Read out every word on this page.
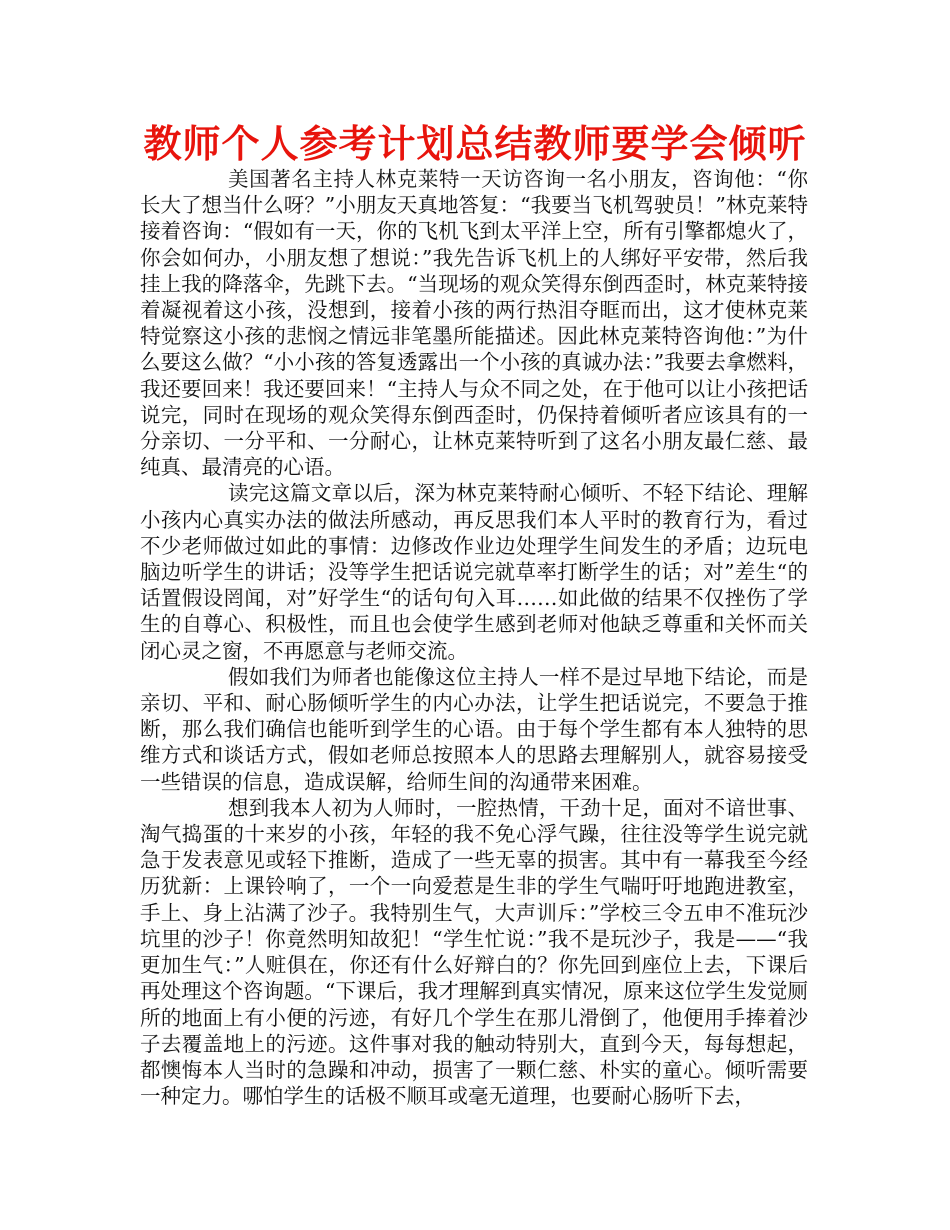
教师个人参考计划总结教师要学会倾听

美国著名主持人林克莱特一天访咨询一名小朋友，咨询他：“你长大了想当什么呀？”小朋友天真地答复：“我要当飞机驾驶员！”林克莱特接着咨询：“假如有一天，你的飞机飞到太平洋上空，所有引擎都熄火了，你会如何办，小朋友想了想说：”我先告诉飞机上的人绑好平安带，然后我挂上我的降落伞，先跳下去。“当现场的观众笑得东倒西歪时，林克莱特接着凝视着这小孩，没想到，接着小孩的两行热泪夺眶而出，这才使林克莱特觉察这小孩的悲悯之情远非笔墨所能描述。因此林克莱特咨询他：”为什么要这么做？“小小孩的答复透露出一个小孩的真诚办法：”我要去拿燃料，我还要回来！我还要回来！“主持人与众不同之处，在于他可以让小孩把话说完，同时在现场的观众笑得东倒西歪时，仍保持着倾听者应该具有的一分亲切、一分平和、一分耐心，让林克莱特听到了这名小朋友最仁慈、最纯真、最清亮的心语。

读完这篇文章以后，深为林克莱特耐心倾听、不轻下结论、理解小孩内心真实办法的做法所感动，再反思我们本人平时的教育行为，看过不少老师做过如此的事情：边修改作业边处理学生间发生的矛盾；边玩电脑边听学生的讲话；没等学生把话说完就草率打断学生的话；对”差生“的话置假设罔闻，对”好学生“的话句句入耳……如此做的结果不仅挫伤了学生的自尊心、积极性，而且也会使学生感到老师对他缺乏尊重和关怀而关闭心灵之窗，不再愿意与老师交流。

假如我们为师者也能像这位主持人一样不是过早地下结论，而是亲切、平和、耐心肠倾听学生的内心办法，让学生把话说完，不要急于推断，那么我们确信也能听到学生的心语。由于每个学生都有本人独特的思维方式和谈话方式，假如老师总按照本人的思路去理解别人，就容易接受一些错误的信息，造成误解，给师生间的沟通带来困难。

想到我本人初为人师时，一腔热情，干劲十足，面对不谙世事、淘气捣蛋的十来岁的小孩，年轻的我不免心浮气躁，往往没等学生说完就急于发表意见或轻下推断，造成了一些无辜的损害。其中有一幕我至今经历犹新：上课铃响了，一个一向爱惹是生非的学生气喘吁吁地跑进教室，手上、身上沾满了沙子。我特别生气，大声训斥：”学校三令五申不准玩沙坑里的沙子！你竟然明知故犯！“学生忙说：”我不是玩沙子，我是——“我更加生气：”人赃俱在，你还有什么好辩白的？你先回到座位上去，下课后再处理这个咨询题。“下课后，我才理解到真实情况，原来这位学生发觉厕所的地面上有小便的污迹，有好几个学生在那儿滑倒了，他便用手捧着沙子去覆盖地上的污迹。这件事对我的触动特别大，直到今天，每每想起，都懊悔本人当时的急躁和冲动，损害了一颗仁慈、朴实的童心。倾听需要一种定力。哪怕学生的话极不顺耳或毫无道理，也要耐心肠听下去，
